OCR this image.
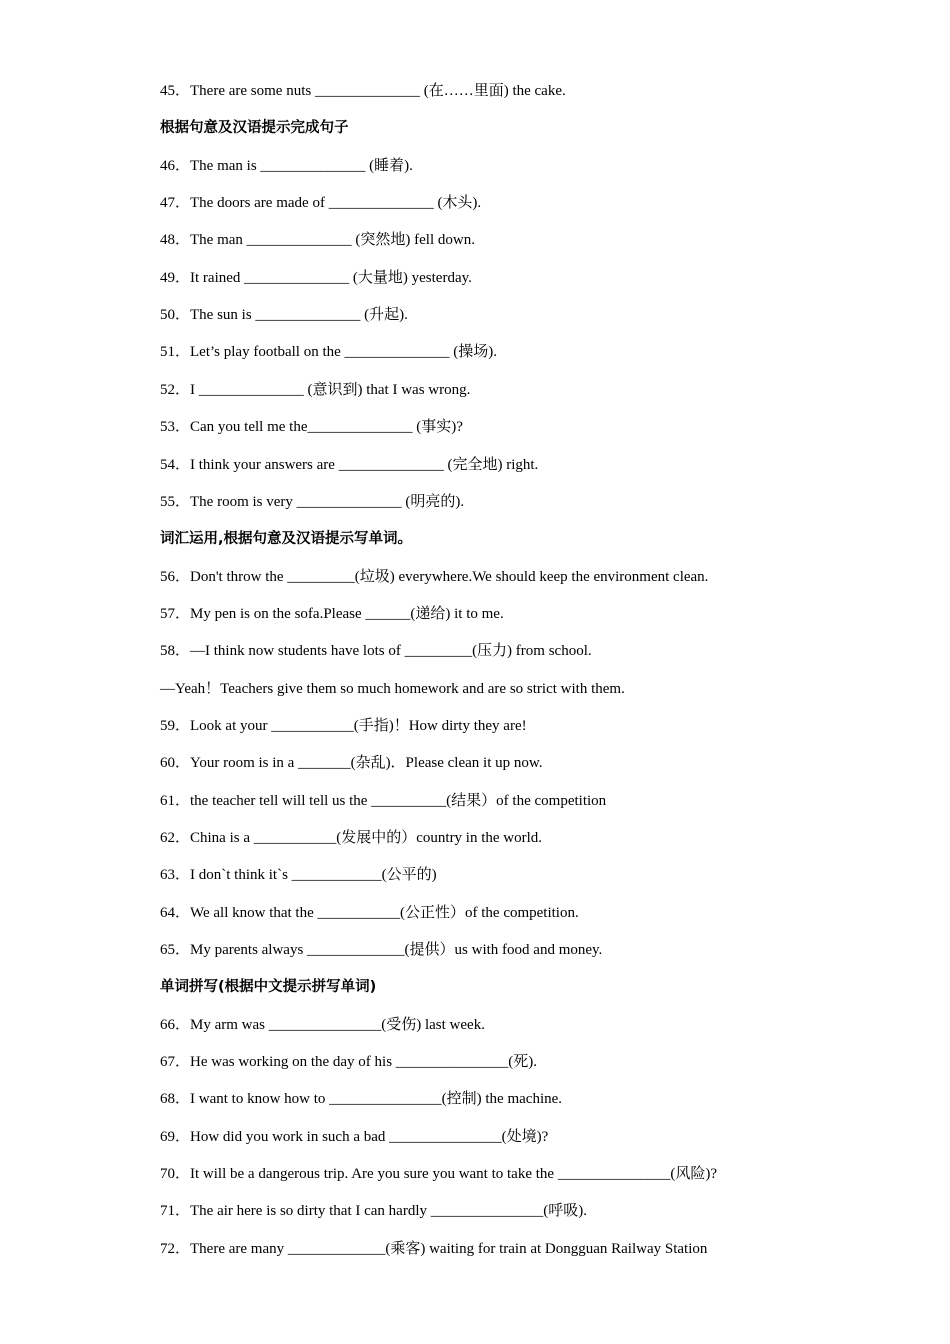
45．There are some nuts ______________ (在……里面) the cake.
根据句意及汉语提示完成句子
46．The man is ______________ (睡着).
47．The doors are made of ______________ (木头).
48．The man ______________ (突然地) fell down.
49．It rained ______________ (大量地) yesterday.
50．The sun is ______________ (升起).
51．Let’s play football on the ______________ (操场).
52．I ______________ (意识到) that I was wrong.
53．Can you tell me the______________ (事实)?
54．I think your answers are ______________ (完全地) right.
55．The room is very ______________ (明亮的).
词汇运用,根据句意及汉语提示写单词。
56．Don't throw the _________(垃圾) everywhere.We should keep the environment clean.
57．My pen is on the sofa.Please ______(递给) it to me.
58．—I think now students have lots of _________(压力) from school.
—Yeah！Teachers give them so much homework and are so strict with them.
59．Look at your ___________(手指)！How dirty they are!
60．Your room is in a _______(杂乱)．Please clean it up now.
61．the teacher tell will tell us the __________(结果）of the competition
62．China is a ___________(发展中的）country in the world.
63．I don`t think it`s ____________(公平的)
64．We all know that the ___________(公正性）of the competition.
65．My parents always _____________(提供）us with food and money.
单词拼写(根据中文提示拼写单词)
66．My arm was _______________(受伤) last week.
67．He was working on the day of his _______________(死).
68．I want to know how to _______________(控制) the machine.
69．How did you work in such a bad _______________(处境)?
70．It will be a dangerous trip. Are you sure you want to take the _______________(风险)?
71．The air here is so dirty that I can hardly _______________(呼吸).
72．There are many _____________(乘客) waiting for train at Dongguan Railway Station
